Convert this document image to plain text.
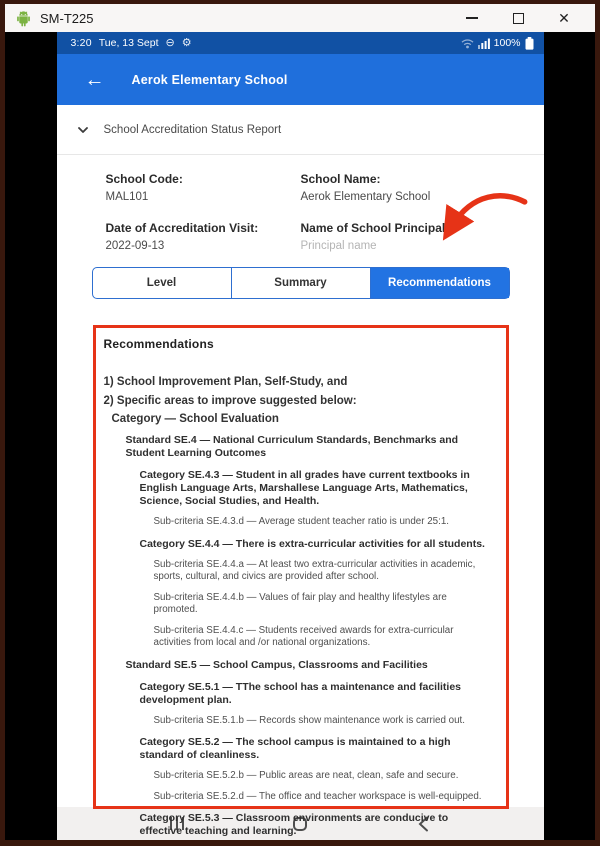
SM-T225	✕
3:20 Tue, 13 Sept ⊖ ⚙	100%
← Aerok Elementary School
School Accreditation Status Report
School Code:
MAL101
School Name:
Aerok Elementary School
Date of Accreditation Visit:
2022-09-13
Name of School Principal:
Principal name
Level	Summary	Recommendations
Recommendations
1) School Improvement Plan, Self-Study, and
2) Specific areas to improve suggested below:
Category — School Evaluation
Standard SE.4 — National Curriculum Standards, Benchmarks and Student Learning Outcomes
Category SE.4.3 — Student in all grades have current textbooks in English Language Arts, Marshallese Language Arts, Mathematics, Science, Social Studies, and Health.
Sub-criteria SE.4.3.d — Average student teacher ratio is under 25:1.
Category SE.4.4 — There is extra-curricular activities for all students.
Sub-criteria SE.4.4.a — At least two extra-curricular activities in academic, sports, cultural, and civics are provided after school.
Sub-criteria SE.4.4.b — Values of fair play and healthy lifestyles are promoted.
Sub-criteria SE.4.4.c — Students received awards for extra-curricular activities from local and /or national organizations.
Standard SE.5 — School Campus, Classrooms and Facilities
Category SE.5.1 — TThe school has a maintenance and facilities development plan.
Sub-criteria SE.5.1.b — Records show maintenance work is carried out.
Category SE.5.2 — The school campus is maintained to a high standard of cleanliness.
Sub-criteria SE.5.2.b — Public areas are neat, clean, safe and secure.
Sub-criteria SE.5.2.d — The office and teacher workspace is well-equipped.
Category SE.5.3 — Classroom environments are conducive to effective teaching and learning.
